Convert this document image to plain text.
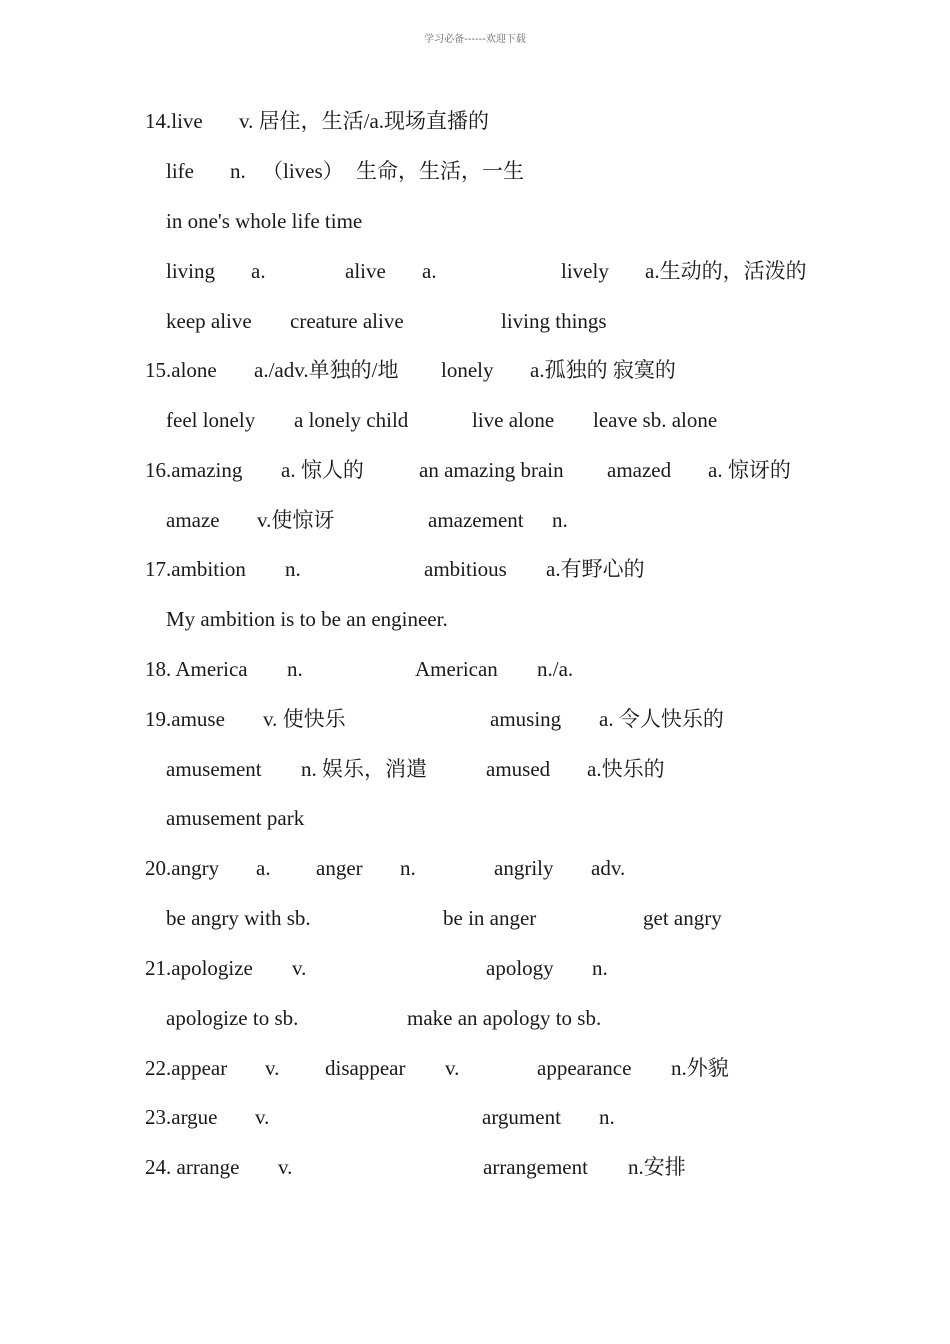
学习必备------欢迎下载
14.live v. 居住，生活/a.现场直播的
life n. （lives） 生命，生活，一生
in one's whole life time
living a.	alive a.	lively a.生动的，活泼的
keep alive creature alive	living things
15.alone a./adv.单独的/地 lonely a.孤独的 寂寞的
feel lonely a lonely child	live alone leave sb. alone
16.amazing a. 惊人的	an amazing brain amazed a. 惊讶的
amaze v.使惊讶	amazement n.
17.ambition n.	ambitious a.有野心的
My ambition is to be an engineer.
18. America n.	American n./a.
19.amuse v. 使快乐	amusing a. 令人快乐的
amusement n. 娱乐，消遣	amused a.快乐的
amusement park
20.angry a. anger n.	angrily adv.
be angry with sb.	be in anger	get angry
21.apologize v.	apology n.
apologize to sb.	make an apology to sb.
22.appear v. disappear v.	appearance n.外貌
23.argue v.	argument n.
24. arrange v.	arrangement n.安排
